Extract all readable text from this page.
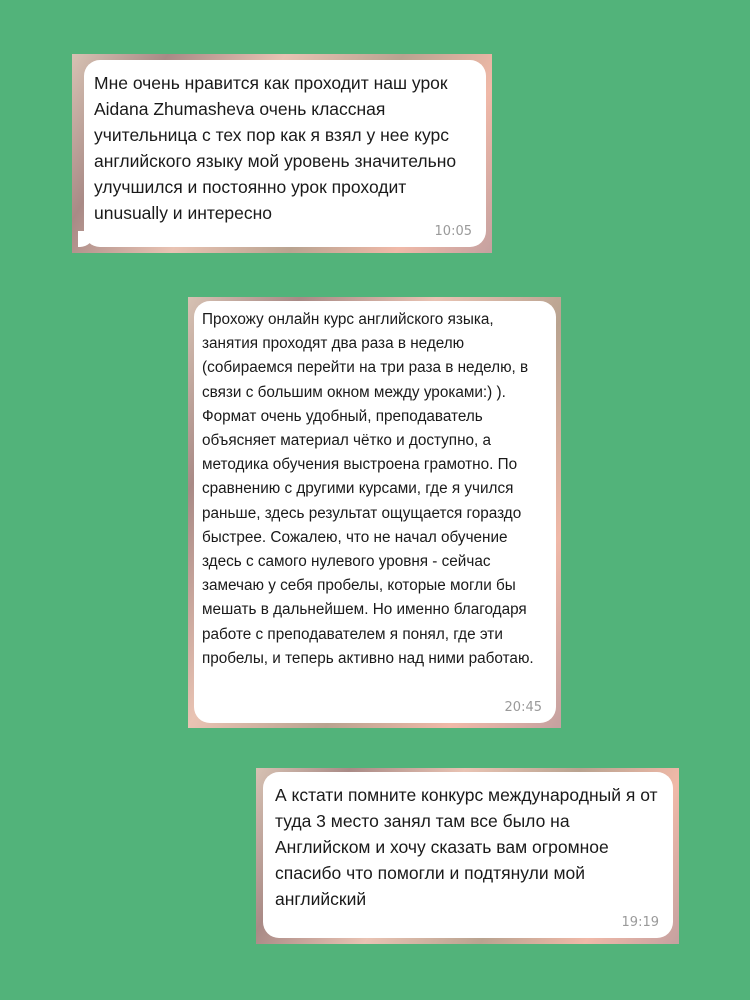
Мне очень нравится как проходит наш урок Aidana Zhumasheva очень классная учительница с тех пор как я взял у нее курс английского языку мой уровень значительно улучшился и постоянно урок проходит unusually и интересно

10:05

Прохожу онлайн курс английского языка, занятия проходят два раза в неделю (собираемся перейти на три раза в неделю, в связи с большим окном между уроками:) ). Формат очень удобный, преподаватель объясняет материал чётко и доступно, а методика обучения выстроена грамотно. По сравнению с другими курсами, где я учился раньше, здесь результат ощущается гораздо быстрее. Сожалею, что не начал обучение здесь с самого нулевого уровня - сейчас замечаю у себя пробелы, которые могли бы мешать в дальнейшем. Но именно благодаря работе с преподавателем я понял, где эти пробелы, и теперь активно над ними работаю.

20:45

А кстати помните конкурс международный я от туда 3 место занял там все было на Английском и хочу сказать вам огромное спасибо что помогли и подтянули мой английский

19:19
